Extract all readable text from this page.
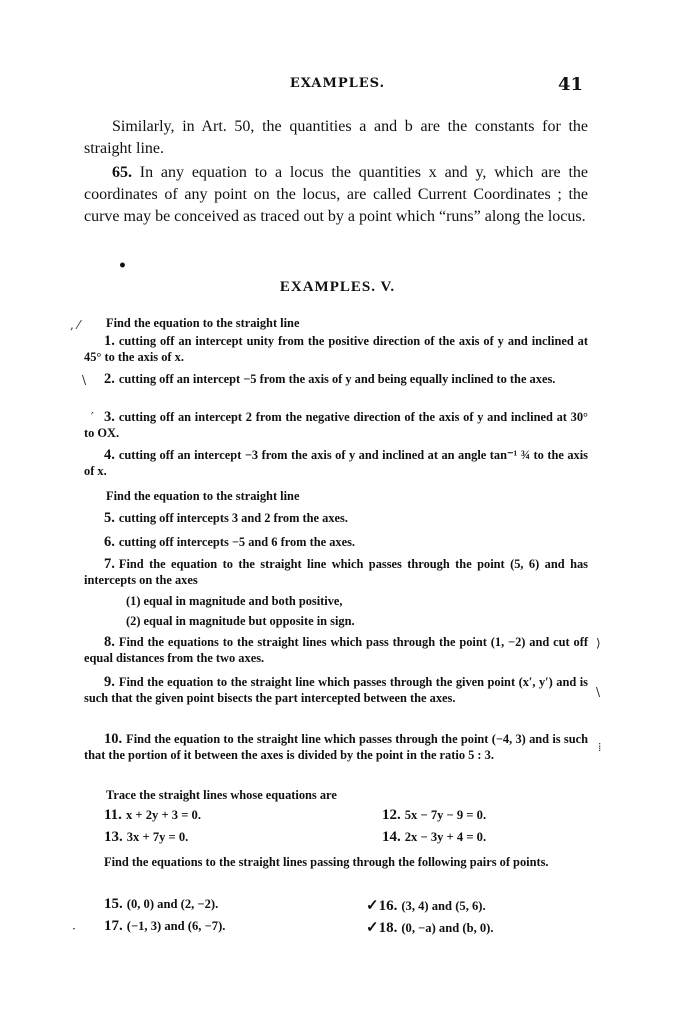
EXAMPLES.	41
Similarly, in Art. 50, the quantities a and b are the constants for the straight line.
65. In any equation to a locus the quantities x and y, which are the coordinates of any point on the locus, are called Current Coordinates ; the curve may be conceived as traced out by a point which “runs” along the locus.
•
EXAMPLES. V.
Find the equation to the straight line
1. cutting off an intercept unity from the positive direction of the axis of y and inclined at 45° to the axis of x.
2. cutting off an intercept −5 from the axis of y and being equally inclined to the axes.
3. cutting off an intercept 2 from the negative direction of the axis of y and inclined at 30° to OX.
4. cutting off an intercept −3 from the axis of y and inclined at an angle tan⁻¹ ¾ to the axis of x.
Find the equation to the straight line
5. cutting off intercepts 3 and 2 from the axes.
6. cutting off intercepts −5 and 6 from the axes.
7. Find the equation to the straight line which passes through the point (5, 6) and has intercepts on the axes
(1) equal in magnitude and both positive,
(2) equal in magnitude but opposite in sign.
8. Find the equations to the straight lines which pass through the point (1, −2) and cut off equal distances from the two axes.
9. Find the equation to the straight line which passes through the given point (x′, y′) and is such that the given point bisects the part intercepted between the axes.
10. Find the equation to the straight line which passes through the point (−4, 3) and is such that the portion of it between the axes is divided by the point in the ratio 5 : 3.
Trace the straight lines whose equations are
11. x + 2y + 3 = 0.	12. 5x − 7y − 9 = 0.
13. 3x + 7y = 0.	14. 2x − 3y + 4 = 0.
Find the equations to the straight lines passing through the following pairs of points.
15. (0, 0) and (2, −2).	✓16. (3, 4) and (5, 6).
17. (−1, 3) and (6, −7).	✓18. (0, −a) and (b, 0).
, ⁄
\
′
·
⟩
\
⁞
